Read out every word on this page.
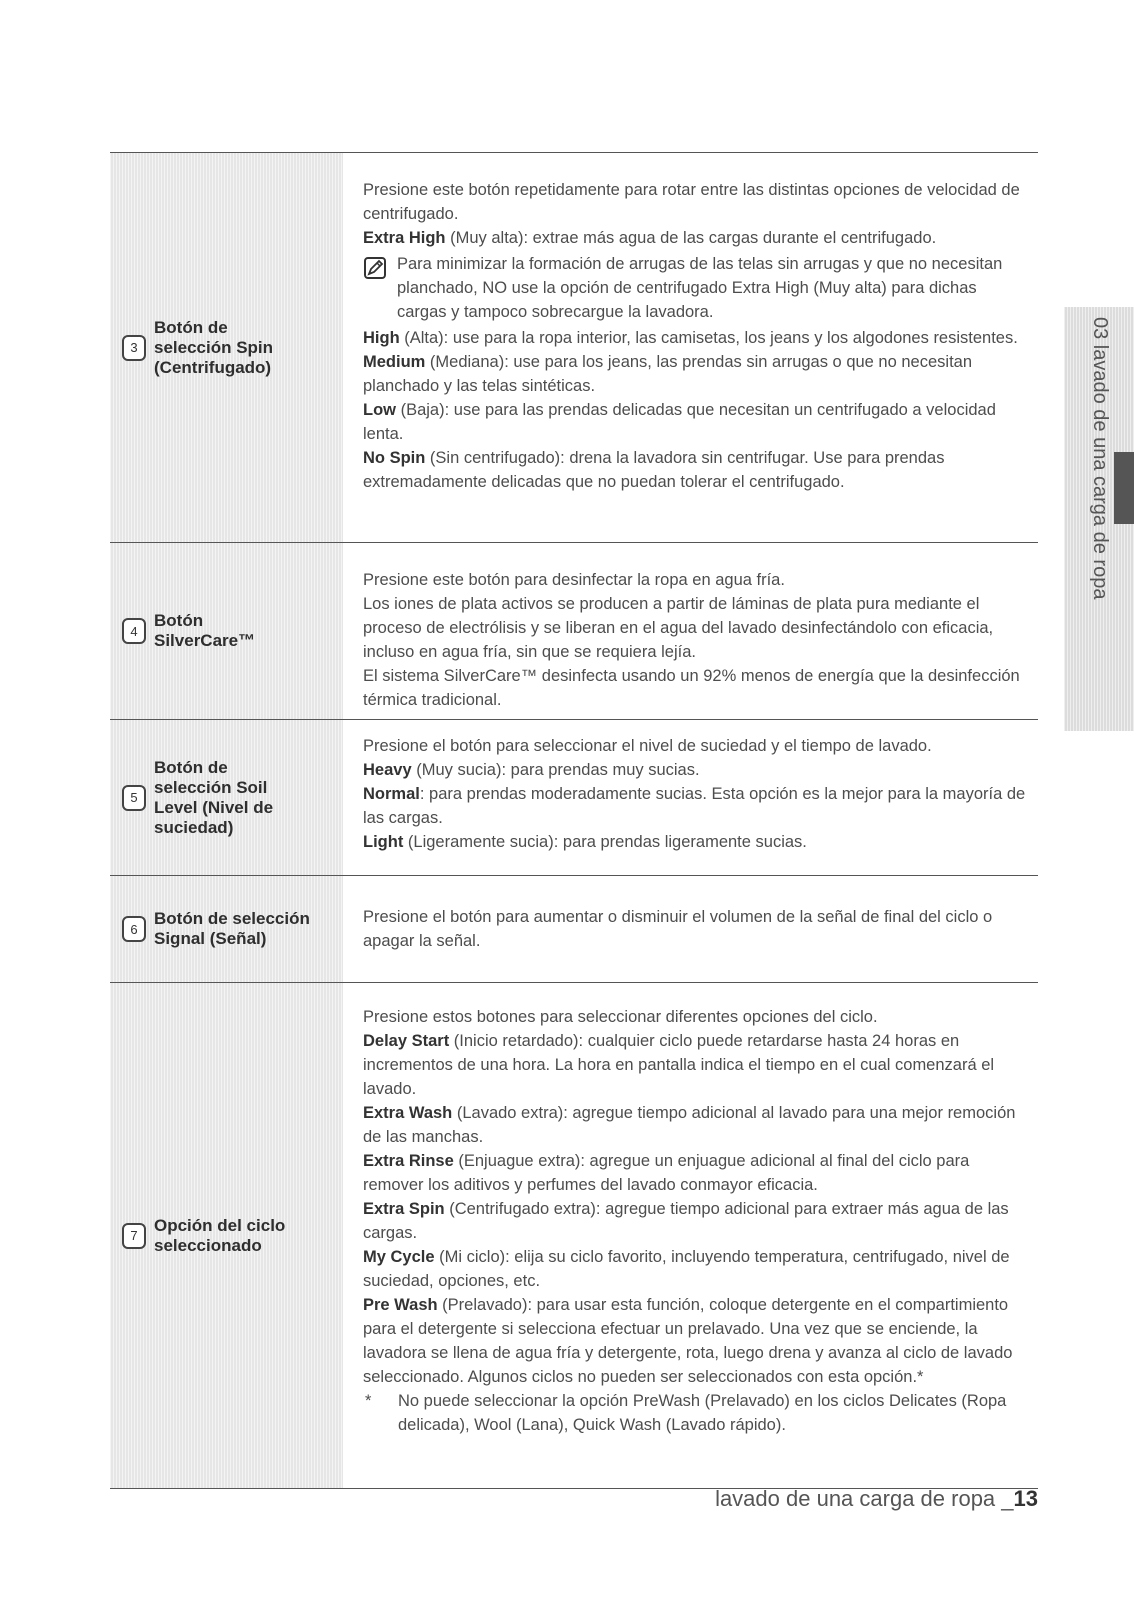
3
Botón de selección Spin (Centrifugado)

Presione este botón repetidamente para rotar entre las distintas opciones de velocidad de centrifugado.

Extra High (Muy alta): extrae más agua de las cargas durante el centrifugado.

Para minimizar la formación de arrugas de las telas sin arrugas y que no necesitan planchado, NO use la opción de centrifugado Extra High (Muy alta) para dichas cargas y tampoco sobrecargue la lavadora.

High (Alta): use para la ropa interior, las camisetas, los jeans y los algodones resistentes.

Medium (Mediana): use para los jeans, las prendas sin arrugas o que no necesitan planchado y las telas sintéticas.

Low (Baja): use para las prendas delicadas que necesitan un centrifugado a velocidad lenta.

No Spin (Sin centrifugado): drena la lavadora sin centrifugar. Use para prendas extremadamente delicadas que no puedan tolerar el centrifugado.

4
Botón SilverCare™

Presione este botón para desinfectar la ropa en agua fría.

Los iones de plata activos se producen a partir de láminas de plata pura mediante el proceso de electrólisis y se liberan en el agua del lavado desinfectándolo con eficacia, incluso en agua fría, sin que se requiera lejía.

El sistema SilverCare™ desinfecta usando un 92% menos de energía que la desinfección térmica tradicional.

5
Botón de selección Soil Level (Nivel de suciedad)

Presione el botón para seleccionar el nivel de suciedad y el tiempo de lavado.

Heavy (Muy sucia): para prendas muy sucias.

Normal: para prendas moderadamente sucias. Esta opción es la mejor para la mayoría de las cargas.

Light (Ligeramente sucia): para prendas ligeramente sucias.

6
Botón de selección Signal (Señal)

Presione el botón para aumentar o disminuir el volumen de la señal de final del ciclo o apagar la señal.

7
Opción del ciclo seleccionado

Presione estos botones para seleccionar diferentes opciones del ciclo.

Delay Start (Inicio retardado): cualquier ciclo puede retardarse hasta 24 horas en incrementos de una hora. La hora en pantalla indica el tiempo en el cual comenzará el lavado.

Extra Wash (Lavado extra): agregue tiempo adicional al lavado para una mejor remoción de las manchas.

Extra Rinse (Enjuague extra): agregue un enjuague adicional al final del ciclo para remover los aditivos y perfumes del lavado conmayor eficacia.

Extra Spin (Centrifugado extra): agregue tiempo adicional para extraer más agua de las cargas.

My Cycle (Mi ciclo): elija su ciclo favorito, incluyendo temperatura, centrifugado, nivel de suciedad, opciones, etc.

Pre Wash (Prelavado): para usar esta función, coloque detergente en el compartimiento para el detergente si selecciona efectuar un prelavado. Una vez que se enciende, la lavadora se llena de agua fría y detergente, rota, luego drena y avanza al ciclo de lavado seleccionado. Algunos ciclos no pueden ser seleccionados con esta opción.*

*	No puede seleccionar la opción PreWash (Prelavado) en los ciclos Delicates (Ropa delicada), Wool (Lana), Quick Wash (Lavado rápido).
03 lavado de una carga de ropa
lavado de una carga de ropa _13
